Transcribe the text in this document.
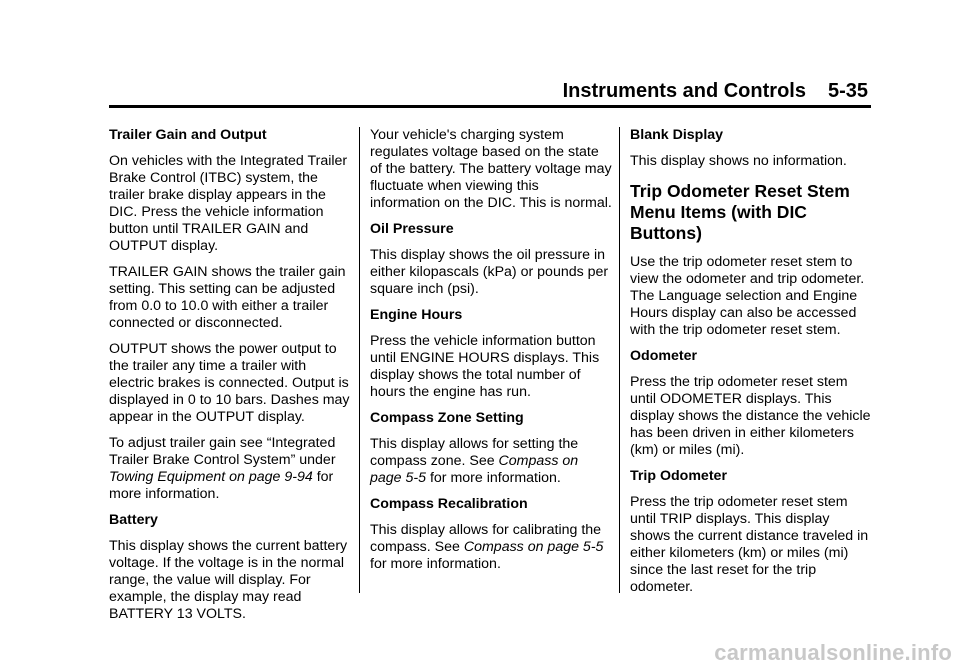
Instruments and Controls 5-35

Trailer Gain and Output

On vehicles with the Integrated Trailer Brake Control (ITBC) system, the trailer brake display appears in the DIC. Press the vehicle information button until TRAILER GAIN and OUTPUT display.

TRAILER GAIN shows the trailer gain setting. This setting can be adjusted from 0.0 to 10.0 with either a trailer connected or disconnected.

OUTPUT shows the power output to the trailer any time a trailer with electric brakes is connected. Output is displayed in 0 to 10 bars. Dashes may appear in the OUTPUT display.

To adjust trailer gain see “Integrated Trailer Brake Control System” under Towing Equipment on page 9-94 for more information.

Battery

This display shows the current battery voltage. If the voltage is in the normal range, the value will display. For example, the display may read BATTERY 13 VOLTS.

Your vehicle's charging system regulates voltage based on the state of the battery. The battery voltage may fluctuate when viewing this information on the DIC. This is normal.

Oil Pressure

This display shows the oil pressure in either kilopascals (kPa) or pounds per square inch (psi).

Engine Hours

Press the vehicle information button until ENGINE HOURS displays. This display shows the total number of hours the engine has run.

Compass Zone Setting

This display allows for setting the compass zone. See Compass on page 5-5 for more information.

Compass Recalibration

This display allows for calibrating the compass. See Compass on page 5-5 for more information.

Blank Display

This display shows no information.

Trip Odometer Reset Stem Menu Items (with DIC Buttons)

Use the trip odometer reset stem to view the odometer and trip odometer. The Language selection and Engine Hours display can also be accessed with the trip odometer reset stem.

Odometer

Press the trip odometer reset stem until ODOMETER displays. This display shows the distance the vehicle has been driven in either kilometers (km) or miles (mi).

Trip Odometer

Press the trip odometer reset stem until TRIP displays. This display shows the current distance traveled in either kilometers (km) or miles (mi) since the last reset for the trip odometer.

carmanualsonline.info
